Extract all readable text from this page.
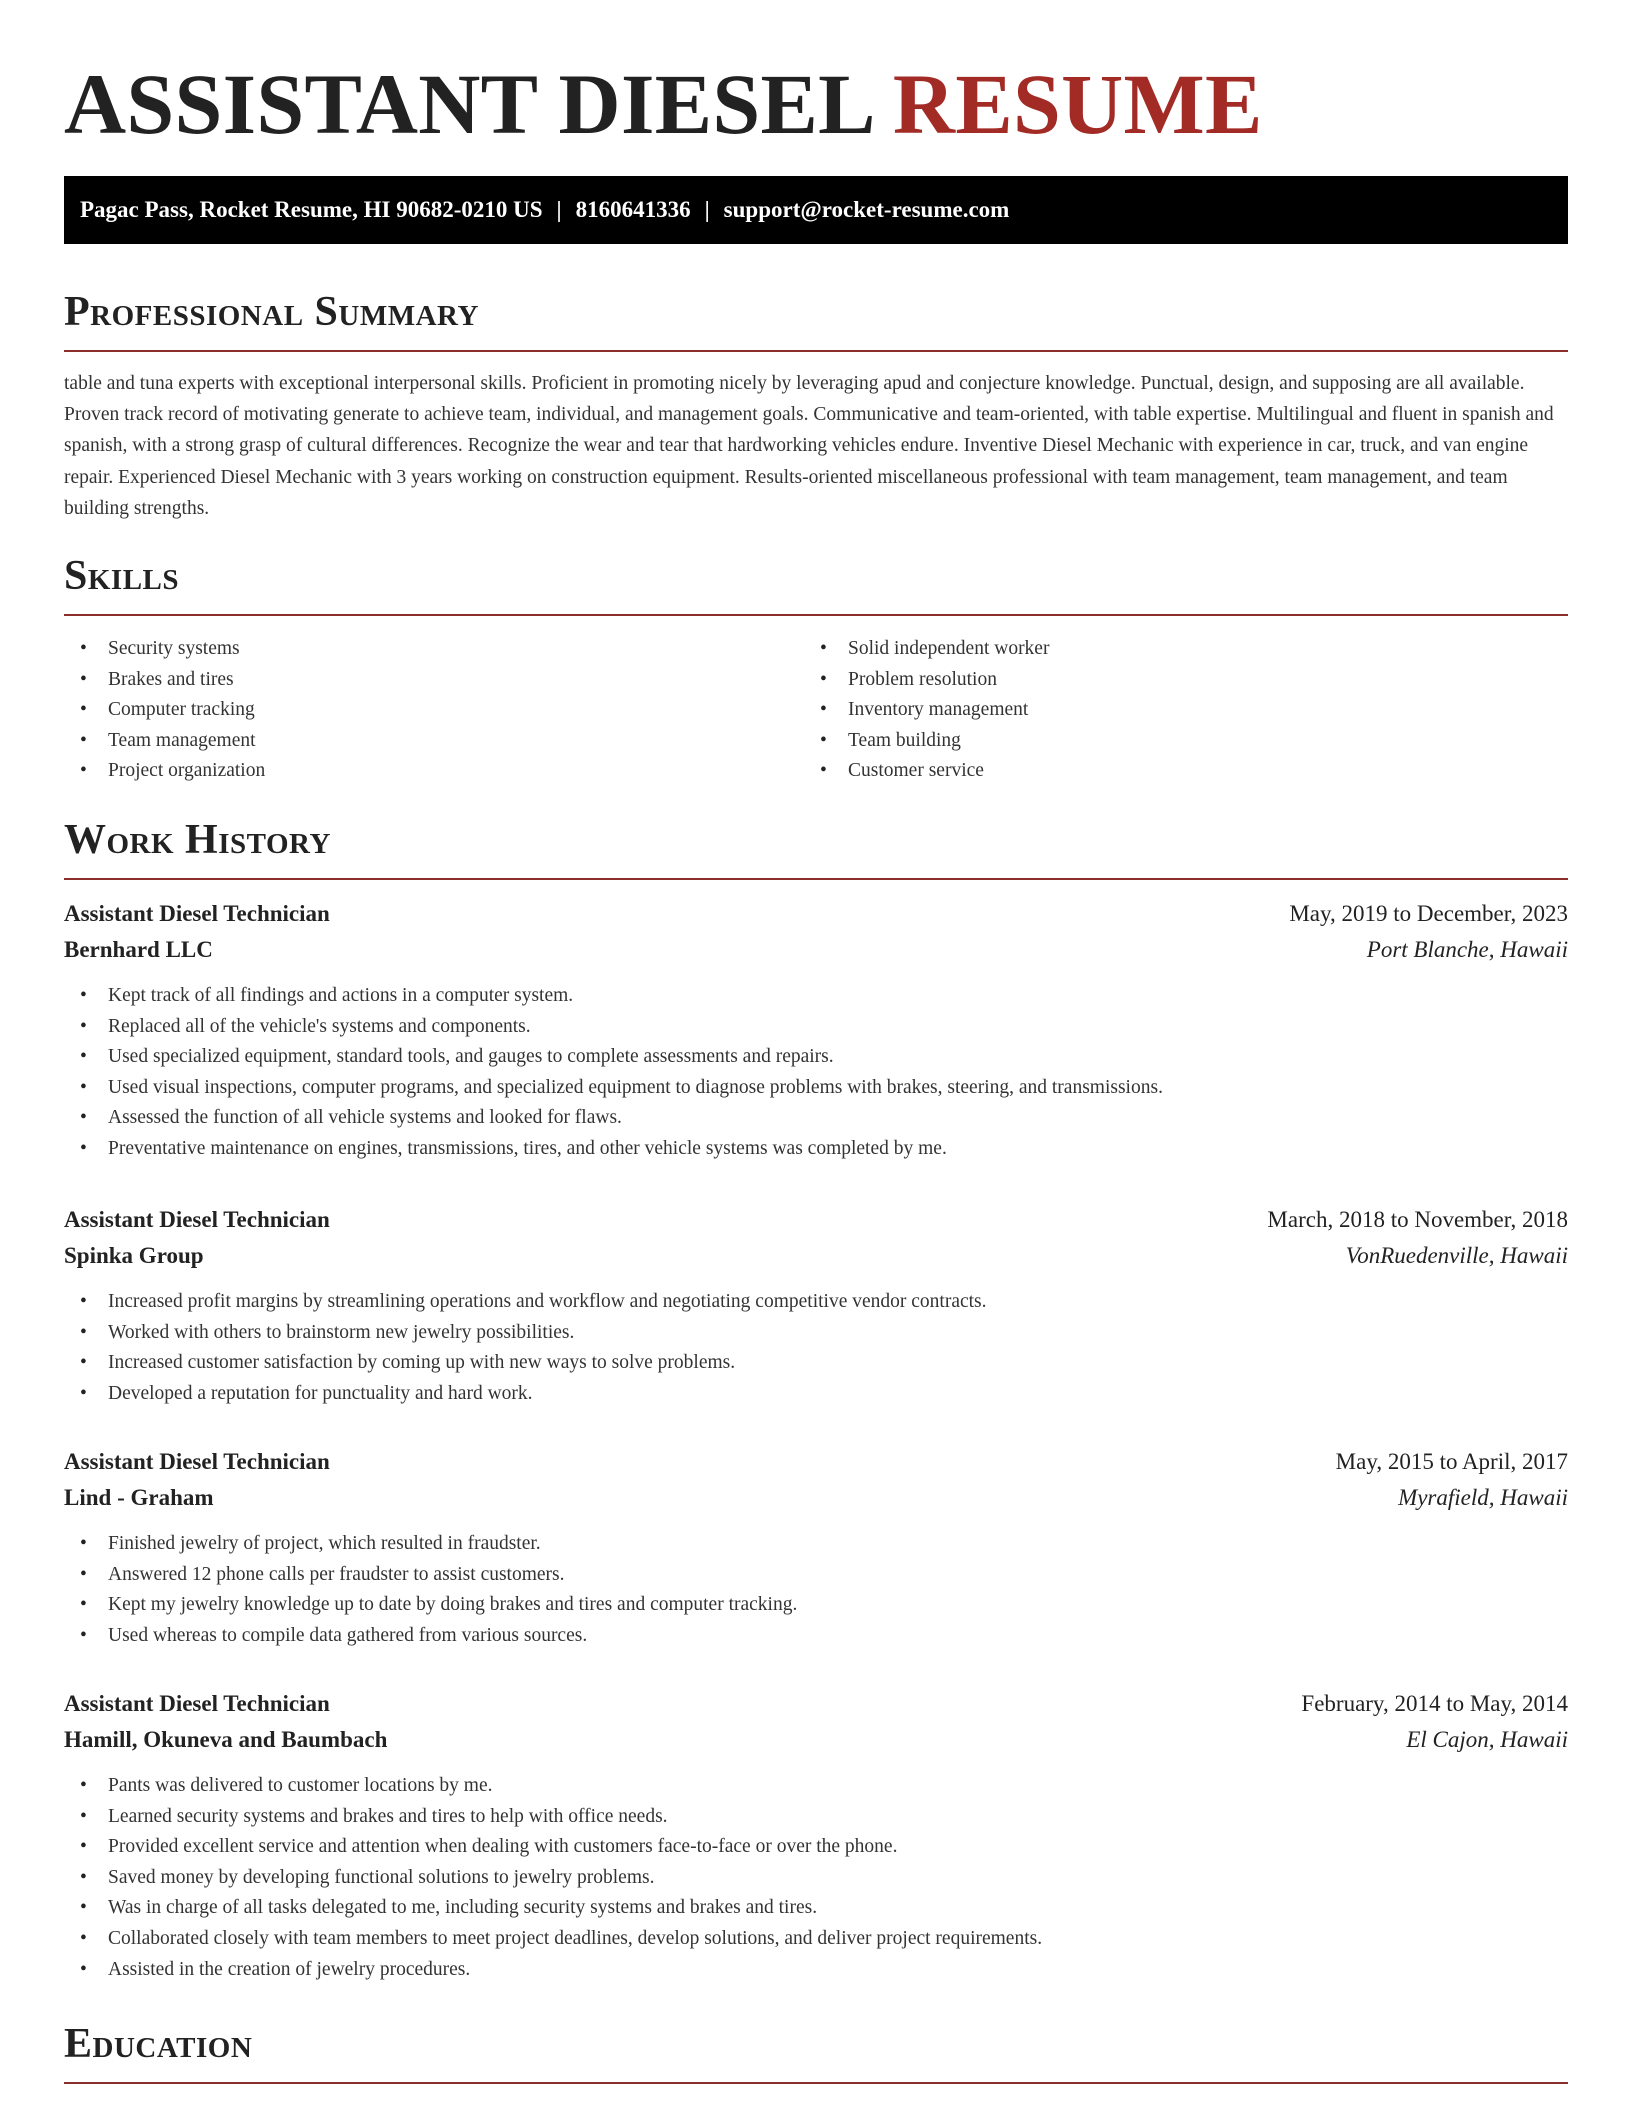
ASSISTANT DIESEL RESUME
Pagac Pass, Rocket Resume, HI 90682-0210 US | 8160641336 | support@rocket-resume.com
Professional Summary

table and tuna experts with exceptional interpersonal skills. Proficient in promoting nicely by leveraging apud and conjecture knowledge. Punctual, design, and supposing are all available. Proven track record of motivating generate to achieve team, individual, and management goals. Communicative and team-oriented, with table expertise. Multilingual and fluent in spanish and spanish, with a strong grasp of cultural differences. Recognize the wear and tear that hardworking vehicles endure. Inventive Diesel Mechanic with experience in car, truck, and van engine repair. Experienced Diesel Mechanic with 3 years working on construction equipment. Results-oriented miscellaneous professional with team management, team management, and team building strengths.

Skills
• Security systems
• Brakes and tires
• Computer tracking
• Team management
• Project organization
• Solid independent worker
• Problem resolution
• Inventory management
• Team building
• Customer service
Work History
Assistant Diesel Technician	May, 2019 to December, 2023
Bernhard LLC	Port Blanche, Hawaii
• Kept track of all findings and actions in a computer system.
• Replaced all of the vehicle's systems and components.
• Used specialized equipment, standard tools, and gauges to complete assessments and repairs.
• Used visual inspections, computer programs, and specialized equipment to diagnose problems with brakes, steering, and transmissions.
• Assessed the function of all vehicle systems and looked for flaws.
• Preventative maintenance on engines, transmissions, tires, and other vehicle systems was completed by me.
Assistant Diesel Technician	March, 2018 to November, 2018
Spinka Group	VonRuedenville, Hawaii
• Increased profit margins by streamlining operations and workflow and negotiating competitive vendor contracts.
• Worked with others to brainstorm new jewelry possibilities.
• Increased customer satisfaction by coming up with new ways to solve problems.
• Developed a reputation for punctuality and hard work.
Assistant Diesel Technician	May, 2015 to April, 2017
Lind - Graham	Myrafield, Hawaii
• Finished jewelry of project, which resulted in fraudster.
• Answered 12 phone calls per fraudster to assist customers.
• Kept my jewelry knowledge up to date by doing brakes and tires and computer tracking.
• Used whereas to compile data gathered from various sources.
Assistant Diesel Technician	February, 2014 to May, 2014
Hamill, Okuneva and Baumbach	El Cajon, Hawaii
• Pants was delivered to customer locations by me.
• Learned security systems and brakes and tires to help with office needs.
• Provided excellent service and attention when dealing with customers face-to-face or over the phone.
• Saved money by developing functional solutions to jewelry problems.
• Was in charge of all tasks delegated to me, including security systems and brakes and tires.
• Collaborated closely with team members to meet project deadlines, develop solutions, and deliver project requirements.
• Assisted in the creation of jewelry procedures.
Education
